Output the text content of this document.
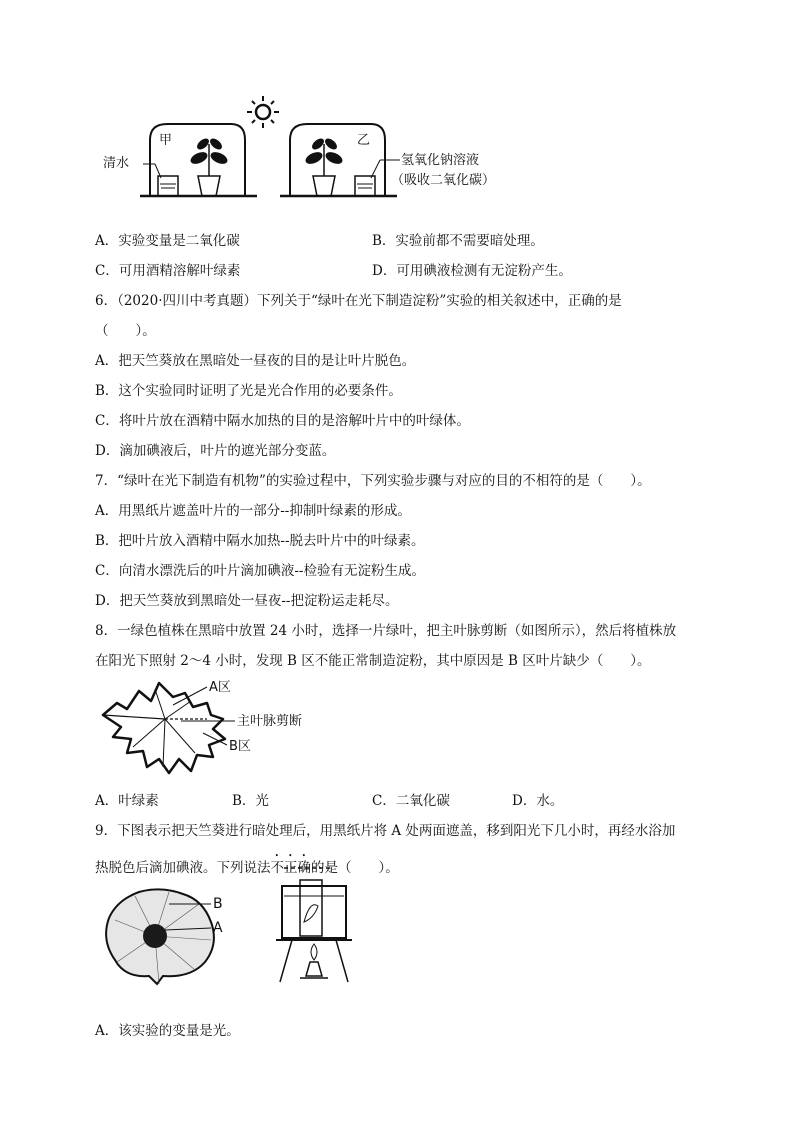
甲	乙
清水	氢氧化钠溶液
（吸收二氧化碳）
A．实验变量是二氧化碳	B．实验前都不需要暗处理。
C．可用酒精溶解叶绿素	D．可用碘液检测有无淀粉产生。
6．（2020·四川中考真题）下列关于“绿叶在光下制造淀粉”实验的相关叙述中，正确的是
（　　）。
A．把天竺葵放在黑暗处一昼夜的目的是让叶片脱色。
B．这个实验同时证明了光是光合作用的必要条件。
C．将叶片放在酒精中隔水加热的目的是溶解叶片中的叶绿体。
D．滴加碘液后，叶片的遮光部分变蓝。
7．“绿叶在光下制造有机物”的实验过程中，下列实验步骤与对应的目的不相符的是（　　）。
A．用黑纸片遮盖叶片的一部分--抑制叶绿素的形成。
B．把叶片放入酒精中隔水加热--脱去叶片中的叶绿素。
C．向清水漂洗后的叶片滴加碘液--检验有无淀粉生成。
D．把天竺葵放到黑暗处一昼夜--把淀粉运走耗尽。
8．一绿色植株在黑暗中放置 24 小时，选择一片绿叶，把主叶脉剪断（如图所示），然后将植株放
在阳光下照射 2～4 小时，发现 B 区不能正常制造淀粉，其中原因是 B 区叶片缺少（　　）。
A区
主叶脉剪断
B区
A．叶绿素	B．光	C．二氧化碳	D．水。
9．下图表示把天竺葵进行暗处理后，用黑纸片将 A 处两面遮盖，移到阳光下几小时，再经水浴加
热脱色后滴加碘液。下列说法不正确的是（　　）。
B
A
A．该实验的变量是光。
